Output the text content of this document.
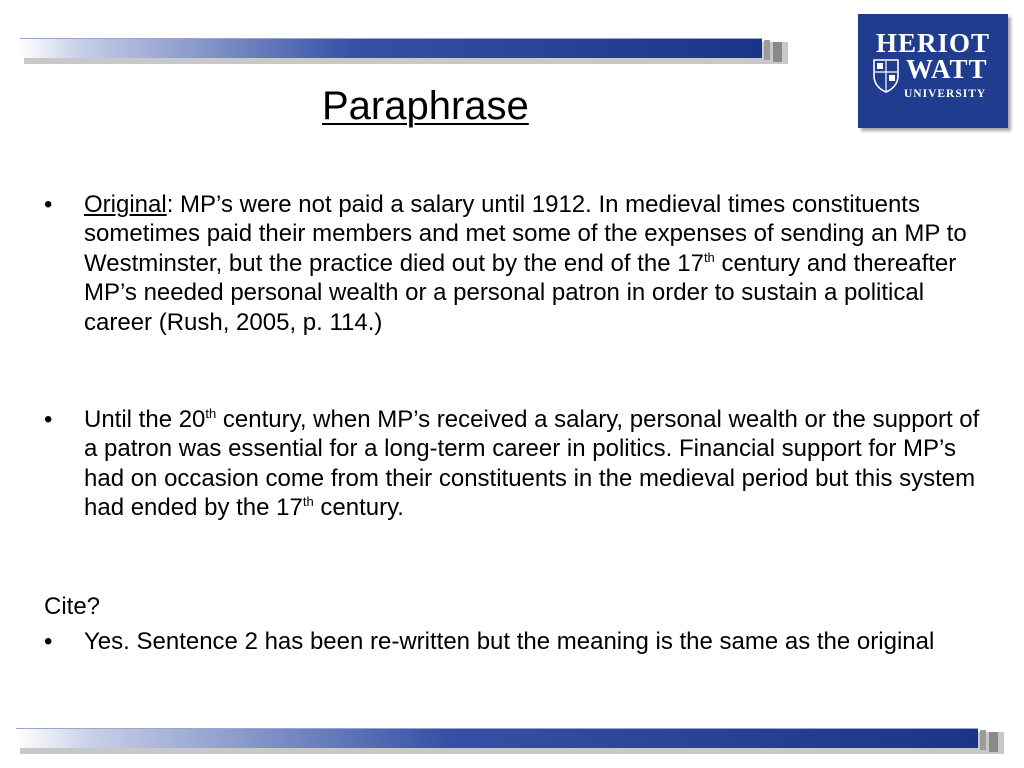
HERIOT
WATT
UNIVERSITY
Paraphrase
• Original: MP’s were not paid a salary until 1912. In medieval times constituents sometimes paid their members and met some of the expenses of sending an MP to Westminster, but the practice died out by the end of the 17th century and thereafter MP’s needed personal wealth or a personal patron in order to sustain a political career (Rush, 2005, p. 114.)

• Until the 20th century, when MP’s received a salary, personal wealth or the support of a patron was essential for a long-term career in politics. Financial support for MP’s had on occasion come from their constituents in the medieval period but this system had ended by the 17th century.

Cite?
• Yes. Sentence 2 has been re-written but the meaning is the same as the original
